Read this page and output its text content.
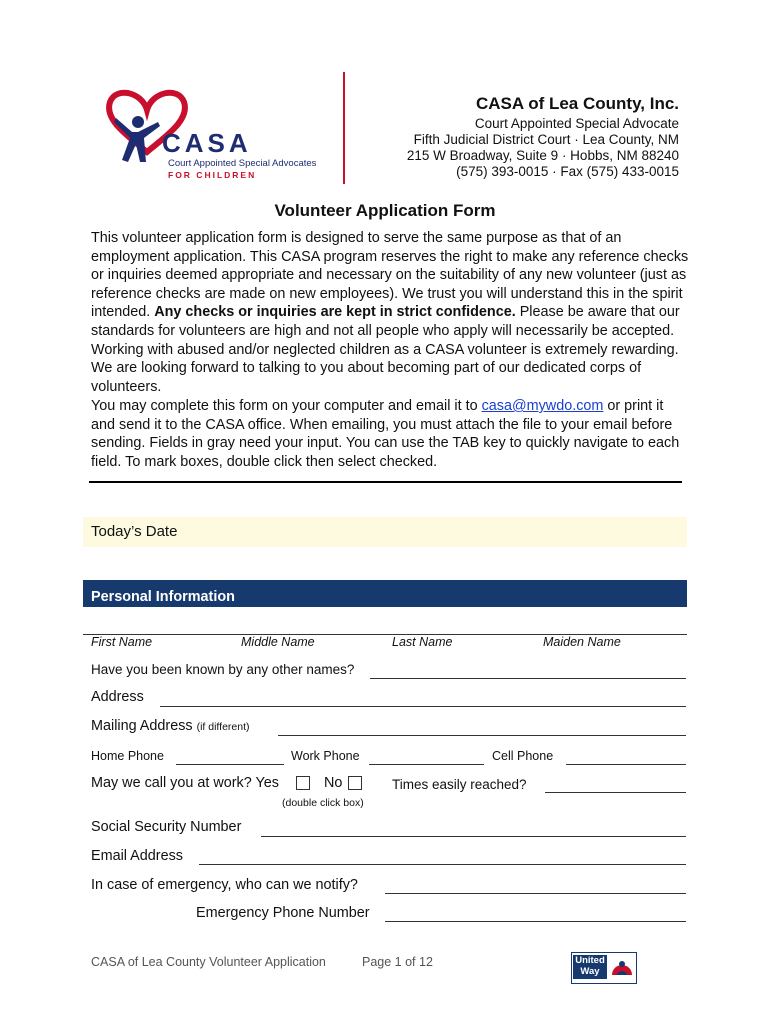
CASA
Court Appointed Special Advocates
FOR CHILDREN
CASA of Lea County, Inc.
Court Appointed Special Advocate
Fifth Judicial District Court · Lea County, NM
215 W Broadway, Suite 9 · Hobbs, NM 88240
(575) 393-0015 · Fax (575) 433-0015
Volunteer Application Form
This volunteer application form is designed to serve the same purpose as that of an employment application. This CASA program reserves the right to make any reference checks or inquiries deemed appropriate and necessary on the suitability of any new volunteer (just as reference checks are made on new employees). We trust you will understand this in the spirit intended. Any checks or inquiries are kept in strict confidence. Please be aware that our standards for volunteers are high and not all people who apply will necessarily be accepted. Working with abused and/or neglected children as a CASA volunteer is extremely rewarding. We are looking forward to talking to you about becoming part of our dedicated corps of volunteers.
You may complete this form on your computer and email it to casa@mywdo.com or print it and send it to the CASA office. When emailing, you must attach the file to your email before sending. Fields in gray need your input. You can use the TAB key to quickly navigate to each field. To mark boxes, double click then select checked.
Today’s Date
Personal Information
First Name	Middle Name	Last Name	Maiden Name
Have you been known by any other names?
Address
Mailing Address (if different)
Home Phone	Work Phone	Cell Phone
May we call you at work? Yes	No
(double click box)
Times easily reached?
Social Security Number
Email Address
In case of emergency, who can we notify?
Emergency Phone Number
CASA of Lea County Volunteer Application	Page 1 of 12	United Way
